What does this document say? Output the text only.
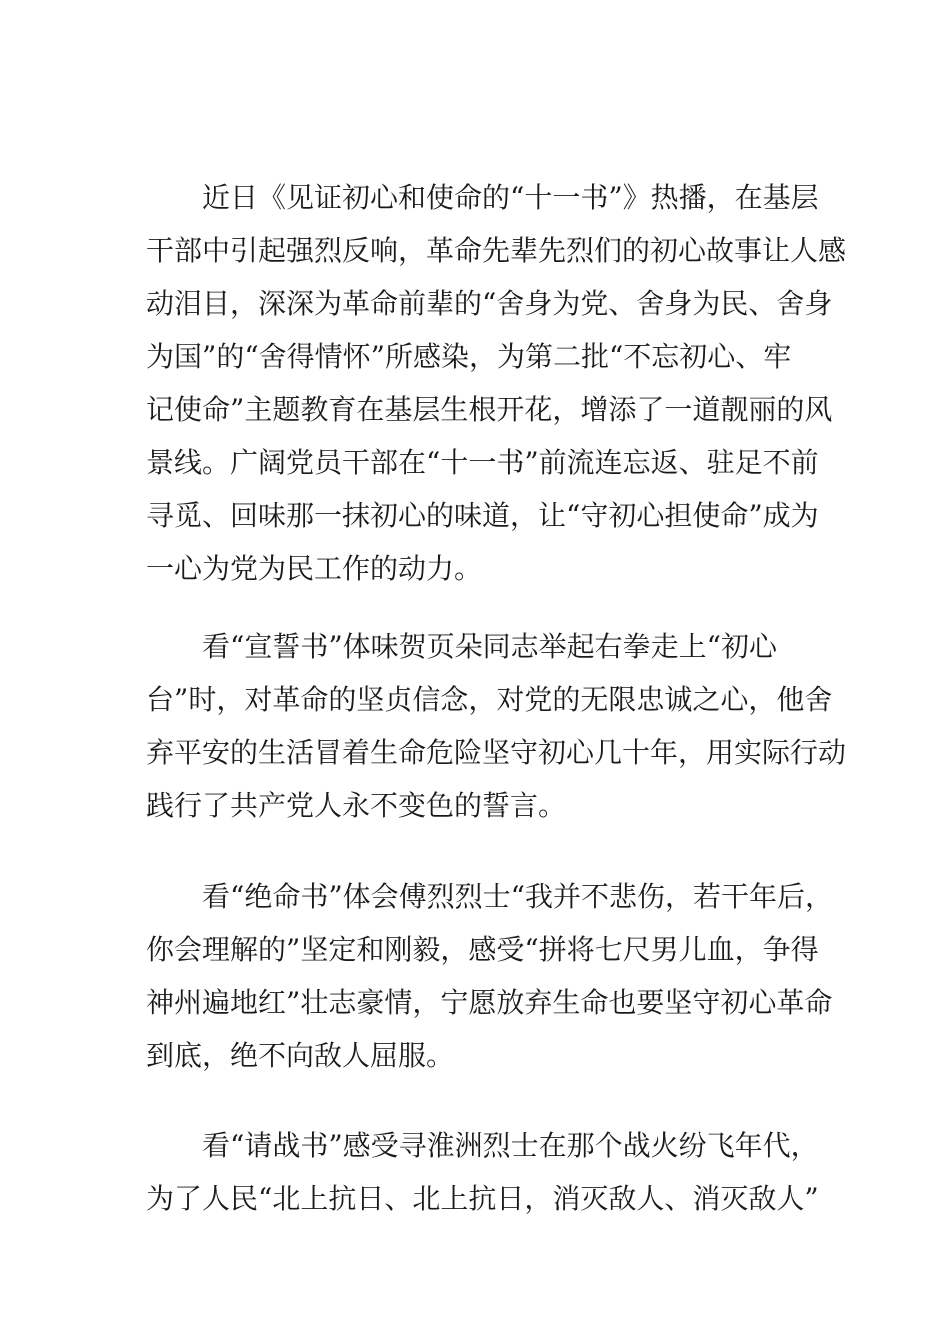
近日《见证初心和使命的“十一书”》热播，在基层
干部中引起强烈反响，革命先辈先烈们的初心故事让人感
动泪目，深深为革命前辈的“舍身为党、舍身为民、舍身
为国”的“舍得情怀”所感染，为第二批“不忘初心、牢
记使命”主题教育在基层生根开花，增添了一道靓丽的风
景线。广阔党员干部在“十一书”前流连忘返、驻足不前
寻觅、回味那一抹初心的味道，让“守初心担使命”成为
一心为党为民工作的动力。
看“宣誓书”体味贺页朵同志举起右拳走上“初心
台”时，对革命的坚贞信念，对党的无限忠诚之心，他舍
弃平安的生活冒着生命危险坚守初心几十年，用实际行动
践行了共产党人永不变色的誓言。
看“绝命书”体会傅烈烈士“我并不悲伤，若干年后，
你会理解的”坚定和刚毅，感受“拼将七尺男儿血，争得
神州遍地红”壮志豪情，宁愿放弃生命也要坚守初心革命
到底，绝不向敌人屈服。
看“请战书”感受寻淮洲烈士在那个战火纷飞年代，
为了人民“北上抗日、北上抗日，消灭敌人、消灭敌人”
